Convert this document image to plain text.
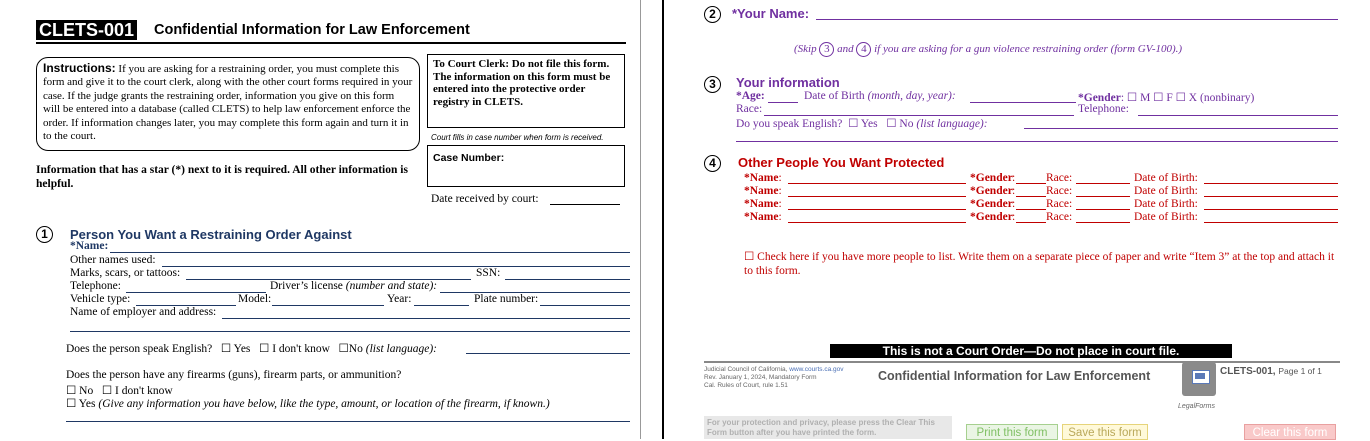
CLETS-001 Confidential Information for Law Enforcement
Instructions: If you are asking for a restraining order, you must complete this form and give it to the court clerk, along with the other court forms required in your case. If the judge grants the restraining order, information you give on this form will be entered into a database (called CLETS) to help law enforcement enforce the order. If information changes later, you may complete this form again and turn it in to the court.
To Court Clerk: Do not file this form. The information on this form must be entered into the protective order registry in CLETS.
Court fills in case number when form is received.
Case Number:
Information that has a star (*) next to it is required. All other information is helpful.
Date received by court:
1	Person You Want a Restraining Order Against
*Name:
Other names used:
Marks, scars, or tattoos:	SSN:
Telephone:	Driver’s license (number and state):
Vehicle type:	Model:	Year:	Plate number:
Name of employer and address:
Does the person speak English? ☐ Yes ☐ I don't know ☐No (list language):
Does the person have any firearms (guns), firearm parts, or ammunition?
☐ No ☐ I don't know
☐ Yes (Give any information you have below, like the type, amount, or location of the firearm, if known.)
2	*Your Name:
(Skip 3 and 4 if you are asking for a gun violence restraining order (form GV-100).)
3	Your information
*Age:	Date of Birth (month, day, year):	*Gender: ☐ M ☐ F ☐ X (nonbinary)
Race:	Telephone:
Do you speak English? ☐ Yes ☐ No (list language):
4	Other People You Want Protected
*Name:	*Gender :	Race:	Date of Birth:
*Name:	*Gender :	Race:	Date of Birth:
*Name:	*Gender :	Race:	Date of Birth:
*Name:	*Gender :	Race:	Date of Birth:
☐ Check here if you have more people to list. Write them on a separate piece of paper and write “Item 3” at the top and attach it to this form.
This is not a Court Order—Do not place in court file.
Judicial Council of California, www.courts.ca.gov
Rev. January 1, 2024, Mandatory Form
Cal. Rules of Court, rule 1.51
Confidential Information for Law Enforcement
LegalForms
CLETS-001, Page 1 of 1
For your protection and privacy, please press the Clear This Form button after you have printed the form.	Print this form	Save this form	Clear this form
